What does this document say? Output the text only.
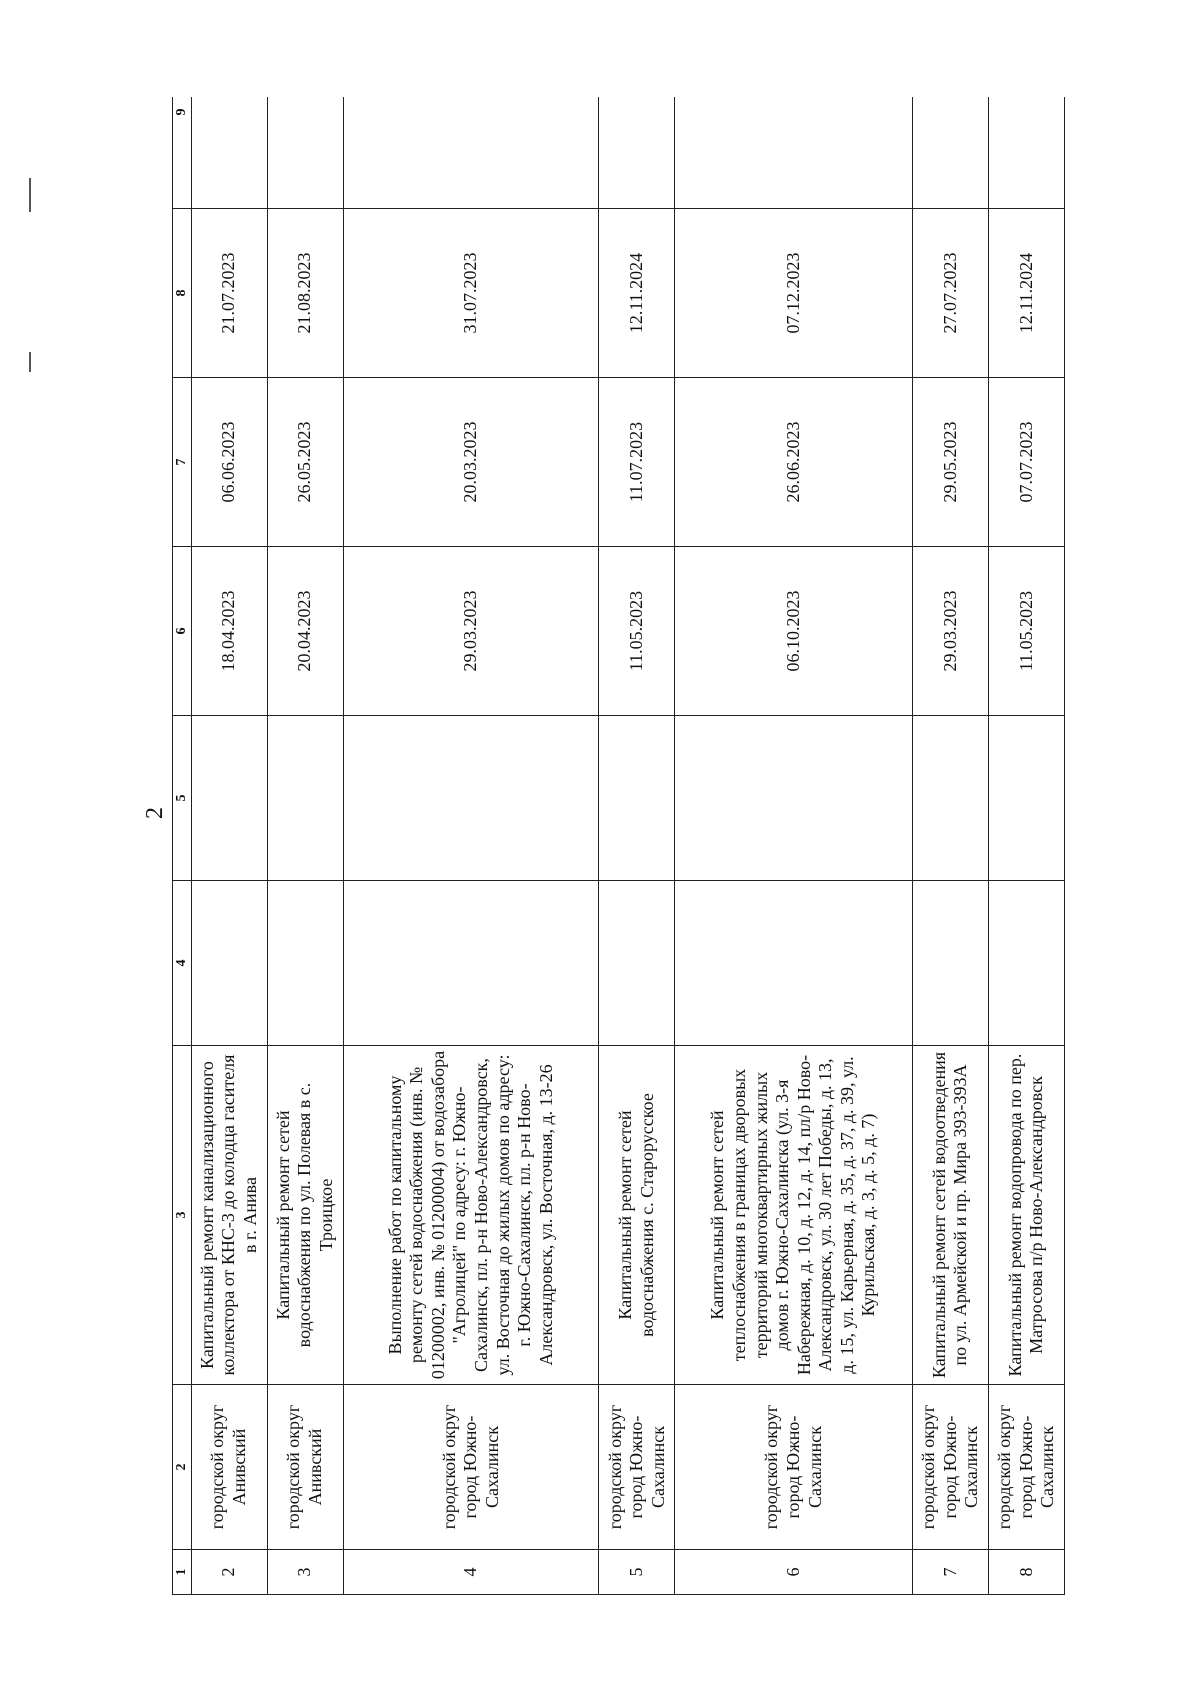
2
1	2	3	4	5	6	7	8	9
2	городской округ Анивский	Капитальный ремонт канализационного коллектора от КНС-3 до колодца гасителя в г. Анива			18.04.2023	06.06.2023	21.07.2023	
3	городской округ Анивский	Капитальный ремонт сетей водоснабжения по ул. Полевая в с. Троицкое			20.04.2023	26.05.2023	21.08.2023	
4	городской округ город Южно-Сахалинск	Выполнение работ по капитальному ремонту сетей водоснабжения (инв. № 01200002, инв. № 01200004) от водозабора "Агролицей" по адресу: г. Южно-Сахалинск, пл. р-н Ново-Александровск, ул. Восточная до жилых домов по адресу: г. Южно-Сахалинск, пл. р-н Ново-Александровск, ул. Восточная, д. 13-26			29.03.2023	20.03.2023	31.07.2023	
5	городской округ город Южно-Сахалинск	Капитальный ремонт сетей водоснабжения с. Старорусское			11.05.2023	11.07.2023	12.11.2024	
6	городской округ город Южно-Сахалинск	Капитальный ремонт сетей теплоснабжения в границах дворовых территорий многоквартирных жилых домов г. Южно-Сахалинска (ул. 3-я Набережная, д. 10, д. 12, д. 14, пл/р Ново-Александровск, ул. 30 лет Победы, д. 13, д. 15, ул. Карьерная, д. 35, д. 37, д. 39, ул. Курильская, д. 3, д. 5, д. 7)			06.10.2023	26.06.2023	07.12.2023	
7	городской округ город Южно-Сахалинск	Капитальный ремонт сетей водоотведения по ул. Армейской и пр. Мира 393-393А			29.03.2023	29.05.2023	27.07.2023	
8	городской округ город Южно-Сахалинск	Капитальный ремонт водопровода по пер. Матросова п/р Ново-Александровск			11.05.2023	07.07.2023	12.11.2024	
